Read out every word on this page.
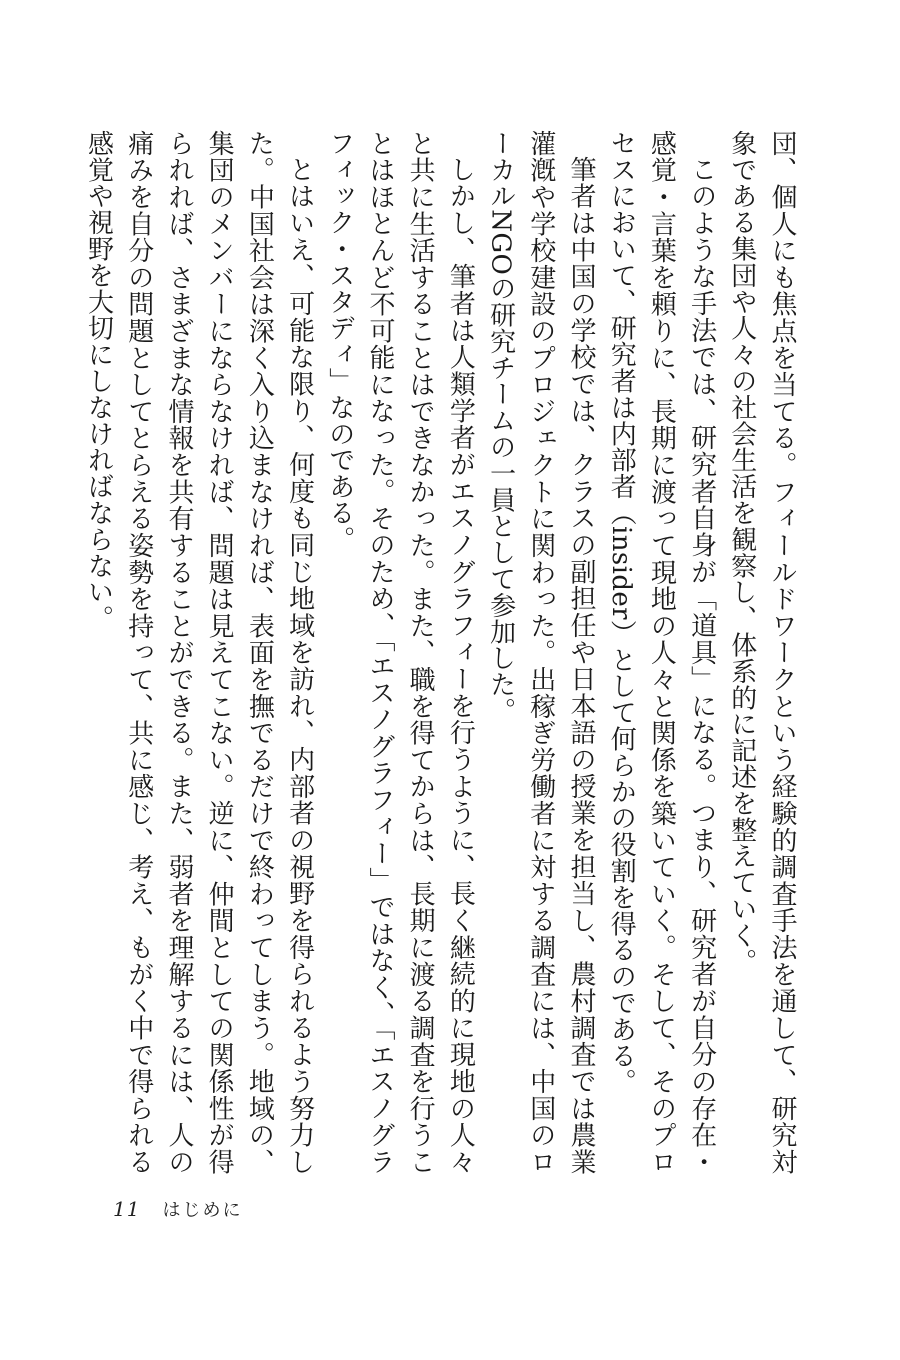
団、個人にも焦点を当てる。フィールドワークという経験的調査手法を通して、研究対象である集団や人々の社会生活を観察し、体系的に記述を整えていく。

このような手法では、研究者自身が「道具」になる。つまり、研究者が自分の存在・感覚・言葉を頼りに、長期に渡って現地の人々と関係を築いていく。そして、そのプロセスにおいて、研究者は内部者（insider）として何らかの役割を得るのである。

筆者は中国の学校では、クラスの副担任や日本語の授業を担当し、農村調査では農業灌漑や学校建設のプロジェクトに関わった。出稼ぎ労働者に対する調査には、中国のローカルNGOの研究チームの一員として参加した。

しかし、筆者は人類学者がエスノグラフィーを行うように、長く継続的に現地の人々と共に生活することはできなかった。また、職を得てからは、長期に渡る調査を行うことはほとんど不可能になった。そのため、「エスノグラフィー」ではなく、「エスノグラフィック・スタディ」なのである。

とはいえ、可能な限り、何度も同じ地域を訪れ、内部者の視野を得られるよう努力した。中国社会は深く入り込まなければ、表面を撫でるだけで終わってしまう。地域の、集団のメンバーにならなければ、問題は見えてこない。逆に、仲間としての関係性が得られれば、さまざまな情報を共有することができる。また、弱者を理解するには、人の痛みを自分の問題としてとらえる姿勢を持って、共に感じ、考え、もがく中で得られる感覚や視野を大切にしなければならない。

11 はじめに
